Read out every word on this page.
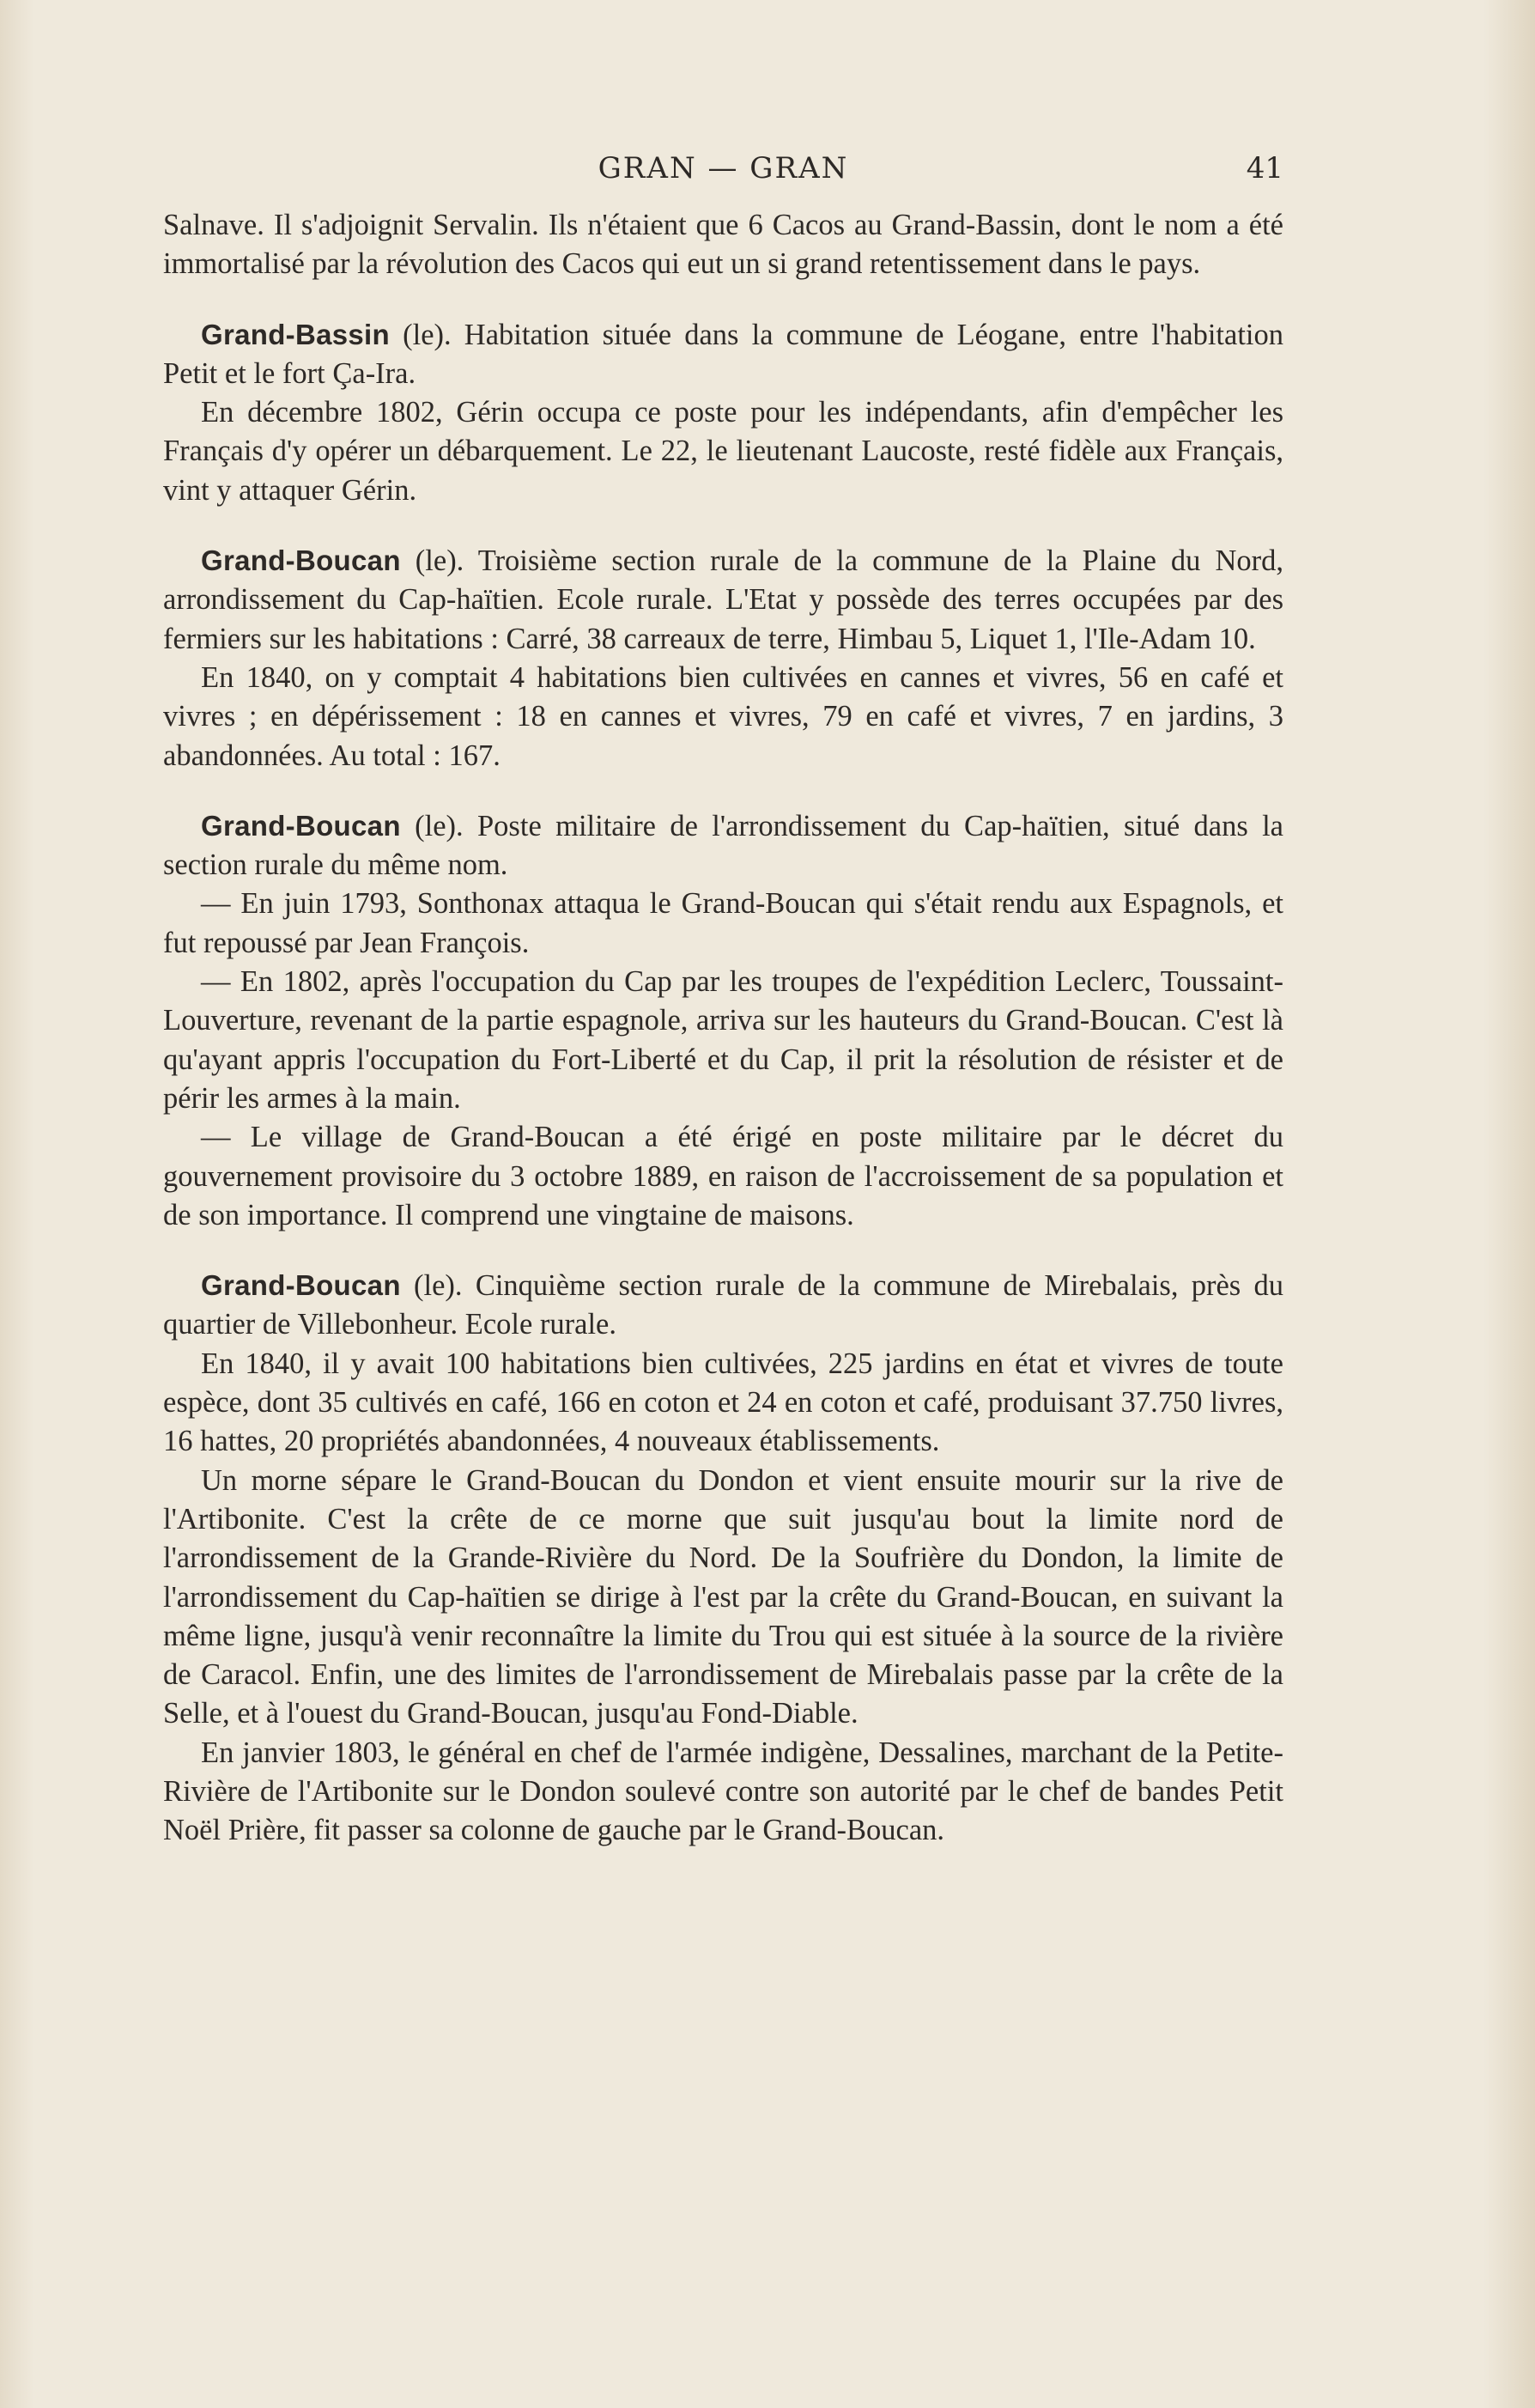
GRAN — GRAN	41

Salnave. Il s'adjoignit Servalin. Ils n'étaient que 6 Cacos au Grand-Bassin, dont le nom a été immortalisé par la révolution des Cacos qui eut un si grand retentissement dans le pays.

Grand-Bassin (le). Habitation située dans la commune de Léogane, entre l'habitation Petit et le fort Ça-Ira.

En décembre 1802, Gérin occupa ce poste pour les indépendants, afin d'empêcher les Français d'y opérer un débarquement. Le 22, le lieutenant Laucoste, resté fidèle aux Français, vint y attaquer Gérin.

Grand-Boucan (le). Troisième section rurale de la commune de la Plaine du Nord, arrondissement du Cap-haïtien. Ecole rurale. L'Etat y possède des terres occupées par des fermiers sur les habitations : Carré, 38 carreaux de terre, Himbau 5, Liquet 1, l'Ile-Adam 10.

En 1840, on y comptait 4 habitations bien cultivées en cannes et vivres, 56 en café et vivres ; en dépérissement : 18 en cannes et vivres, 79 en café et vivres, 7 en jardins, 3 abandonnées. Au total : 167.

Grand-Boucan (le). Poste militaire de l'arrondissement du Cap-haïtien, situé dans la section rurale du même nom.

— En juin 1793, Sonthonax attaqua le Grand-Boucan qui s'était rendu aux Espagnols, et fut repoussé par Jean François.

— En 1802, après l'occupation du Cap par les troupes de l'expédition Leclerc, Toussaint-Louverture, revenant de la partie espagnole, arriva sur les hauteurs du Grand-Boucan. C'est là qu'ayant appris l'occupation du Fort-Liberté et du Cap, il prit la résolution de résister et de périr les armes à la main.

— Le village de Grand-Boucan a été érigé en poste militaire par le décret du gouvernement provisoire du 3 octobre 1889, en raison de l'accroissement de sa population et de son importance. Il comprend une vingtaine de maisons.

Grand-Boucan (le). Cinquième section rurale de la commune de Mirebalais, près du quartier de Villebonheur. Ecole rurale.

En 1840, il y avait 100 habitations bien cultivées, 225 jardins en état et vivres de toute espèce, dont 35 cultivés en café, 166 en coton et 24 en coton et café, produisant 37.750 livres, 16 hattes, 20 propriétés abandonnées, 4 nouveaux établissements.

Un morne sépare le Grand-Boucan du Dondon et vient ensuite mourir sur la rive de l'Artibonite. C'est la crête de ce morne que suit jusqu'au bout la limite nord de l'arrondissement de la Grande-Rivière du Nord. De la Soufrière du Dondon, la limite de l'arrondissement du Cap-haïtien se dirige à l'est par la crête du Grand-Boucan, en suivant la même ligne, jusqu'à venir reconnaître la limite du Trou qui est située à la source de la rivière de Caracol. Enfin, une des limites de l'arrondissement de Mirebalais passe par la crête de la Selle, et à l'ouest du Grand-Boucan, jusqu'au Fond-Diable.

En janvier 1803, le général en chef de l'armée indigène, Dessalines, marchant de la Petite-Rivière de l'Artibonite sur le Dondon soulevé contre son autorité par le chef de bandes Petit Noël Prière, fit passer sa colonne de gauche par le Grand-Boucan.
